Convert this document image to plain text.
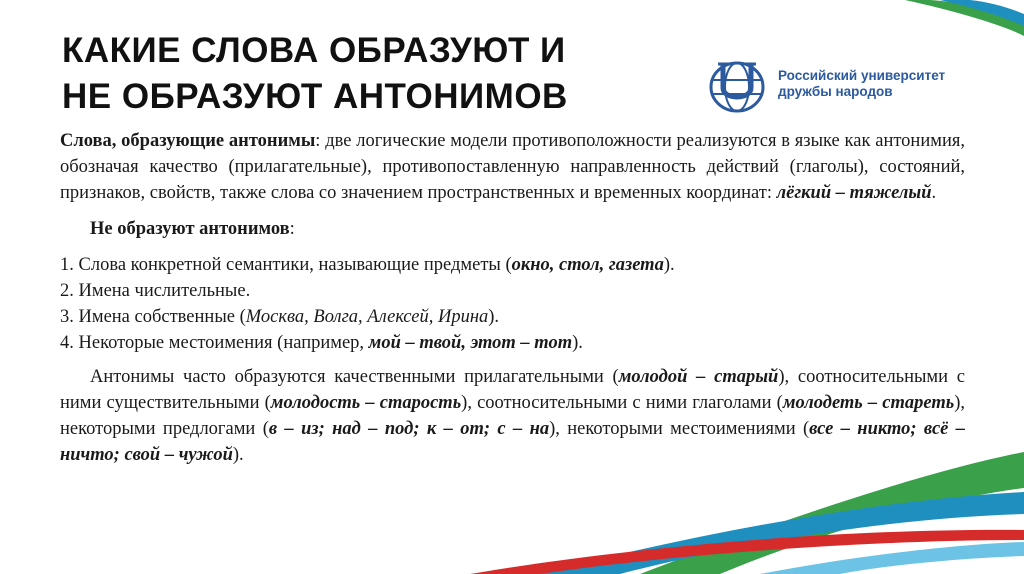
КАКИЕ СЛОВА ОБРАЗУЮТ И
НЕ ОБРАЗУЮТ АНТОНИМОВ
Российский университет
дружбы народов

Слова, образующие антонимы: две логические модели противоположности реализуются в языке как антонимия, обозначая качество (прилагательные), противопоставленную направленность действий (глаголы), состояний, признаков, свойств, также слова со значением пространственных и временных координат: лёгкий – тяжелый.

Не образуют антонимов:

1. Слова конкретной семантики, называющие предметы (окно, стол, газета).

2. Имена числительные.

3. Имена собственные (Москва, Волга, Алексей, Ирина).

4. Некоторые местоимения (например, мой – твой, этот – тот).

Антонимы часто образуются качественными прилагательными (молодой – старый), соотносительными с ними существительными (молодость – старость), соотносительными с ними глаголами (молодеть – стареть), некоторыми предлогами (в – из; над – под; к – от; с – на), некоторыми местоимениями (все – никто; всё – ничто; свой – чужой).
